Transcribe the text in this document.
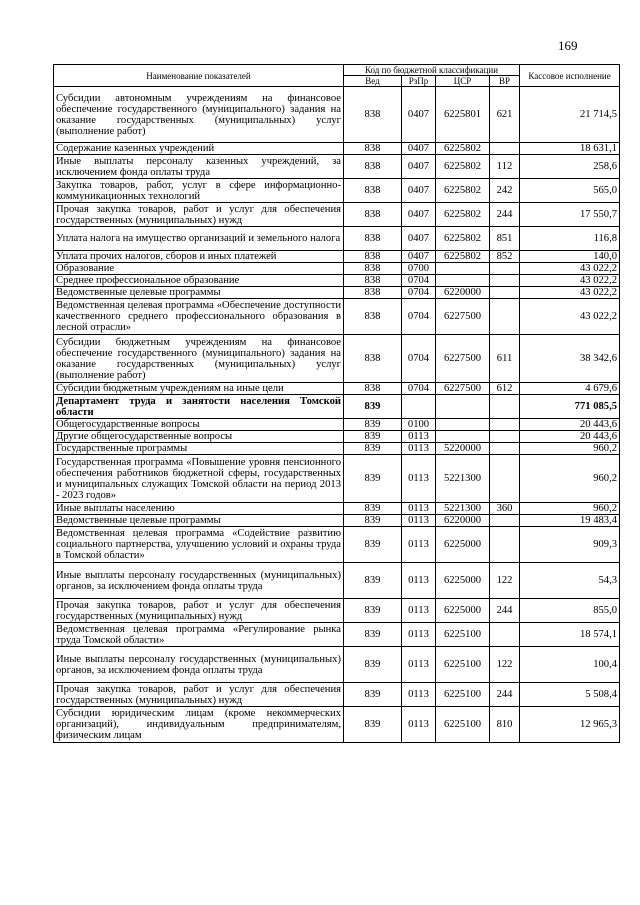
169
Наименование показателей	Код по бюджетной классификации				Кассовое исполнение
	Вед	РзПр	ЦСР	ВР	
Субсидии автономным учреждениям на финансовое обеспечение государственного (муниципального) задания на оказание государственных (муниципальных) услуг (выполнение работ)	838	0407	6225801	621	21 714,5
Содержание казенных учреждений	838	0407	6225802		18 631,1
Иные выплаты персоналу казенных учреждений, за исключением фонда оплаты труда	838	0407	6225802	112	258,6
Закупка товаров, работ, услуг в сфере информационно-коммуникационных технологий	838	0407	6225802	242	565,0
Прочая закупка товаров, работ и услуг для обеспечения государственных (муниципальных) нужд	838	0407	6225802	244	17 550,7
Уплата налога на имущество организаций и земельного налога	838	0407	6225802	851	116,8
Уплата прочих налогов, сборов и иных платежей	838	0407	6225802	852	140,0
Образование	838	0700			43 022,2
Среднее профессиональное образование	838	0704			43 022,2
Ведомственные целевые программы	838	0704	6220000		43 022,2
Ведомственная целевая программа «Обеспечение доступности качественного среднего профессионального образования в лесной отрасли»	838	0704	6227500		43 022,2
Субсидии бюджетным учреждениям на финансовое обеспечение государственного (муниципального) задания на оказание государственных (муниципальных) услуг (выполнение работ)	838	0704	6227500	611	38 342,6
Субсидии бюджетным учреждениям на иные цели	838	0704	6227500	612	4 679,6
Департамент труда и занятости населения Томской области	839				771 085,5
Общегосударственные вопросы	839	0100			20 443,6
Другие общегосударственные вопросы	839	0113			20 443,6
Государственные программы	839	0113	5220000		960,2
Государственная программа «Повышение уровня пенсионного обеспечения работников бюджетной сферы, государственных и муниципальных служащих Томской области на период 2013 - 2023 годов»	839	0113	5221300		960,2
Иные выплаты населению	839	0113	5221300	360	960,2
Ведомственные целевые программы	839	0113	6220000		19 483,4
Ведомственная целевая программа «Содействие развитию социального партнерства, улучшению условий и охраны труда в Томской области»	839	0113	6225000		909,3
Иные выплаты персоналу государственных (муниципальных) органов, за исключением фонда оплаты труда	839	0113	6225000	122	54,3
Прочая закупка товаров, работ и услуг для обеспечения государственных (муниципальных) нужд	839	0113	6225000	244	855,0
Ведомственная целевая программа «Регулирование рынка труда Томской области»	839	0113	6225100		18 574,1
Иные выплаты персоналу государственных (муниципальных) органов, за исключением фонда оплаты труда	839	0113	6225100	122	100,4
Прочая закупка товаров, работ и услуг для обеспечения государственных (муниципальных) нужд	839	0113	6225100	244	5 508,4
Субсидии юридическим лицам (кроме некоммерческих организаций), индивидуальным предпринимателям, физическим лицам	839	0113	6225100	810	12 965,3
